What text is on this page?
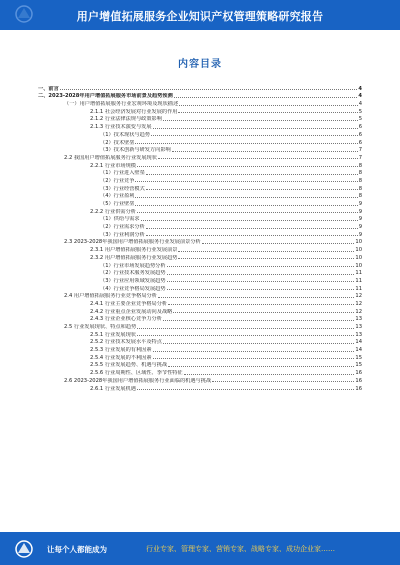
用户增值拓展服务企业知识产权管理策略研究报告
内容目录
一、前言	4
二、2023-2028年用户增值拓展服务市场前景及趋势预测	4
（一）用户增值拓展服务行业宏观环境及现状描述	4
2.1.1 社会经济发展对行业发展的作用	5
2.1.2 行业法律法规与政策影响	5
2.1.3 行业技术演变与发展	6
（1）技术现状与趋势	6
（2）技术壁垒	6
（3）技术创新与研发方向影响	7
2.2 我国用户增值拓展服务行业发展现状	7
2.2.1 行业市场规模	8
（1）行业进入壁垒	8
（2）行业竞争	8
（3）行业经营模式	8
（4）行业盈利	8
（5）行业壁垒	9
2.2.2 行业供需分析	9
（1）供给与需求	9
（2）行业需求分析	9
（3）行业利润分析	9
2.3 2023-2028年我国用户增值拓展服务行业发展前景分析	10
2.3.1 用户增值拓展服务行业发展前景	10
2.3.2 用户增值拓展服务行业发展趋势	10
（1）行业市场发展趋势分析	10
（2）行业技术服务发展趋势	11
（3）行业应用领域发展趋势	11
（4）行业竞争格局发展趋势	11
2.4 用户增值拓展服务行业竞争格局分析	12
2.4.1 行业主要企业竞争格局分析	12
2.4.2 行业重点企业发展动向及战略	12
2.4.3 行业企业核心竞争力分析	13
2.5 行业发展现状、特点和趋势	13
2.5.1 行业发展现状	13
2.5.2 行业技术发展水平及特点	14
2.5.3 行业发展的有利因素	14
2.5.4 行业发展的不利因素	15
2.5.5 行业发展趋势、机遇与挑战	15
2.5.6 行业周期性、区域性、季节性特征	16
2.6 2023-2028年我国用户增值拓展服务行业面临的机遇与挑战	16
2.6.1 行业发展机遇	16
让每个人都能成为	行业专家、管理专家、营销专家、战略专家、成功企业家……
